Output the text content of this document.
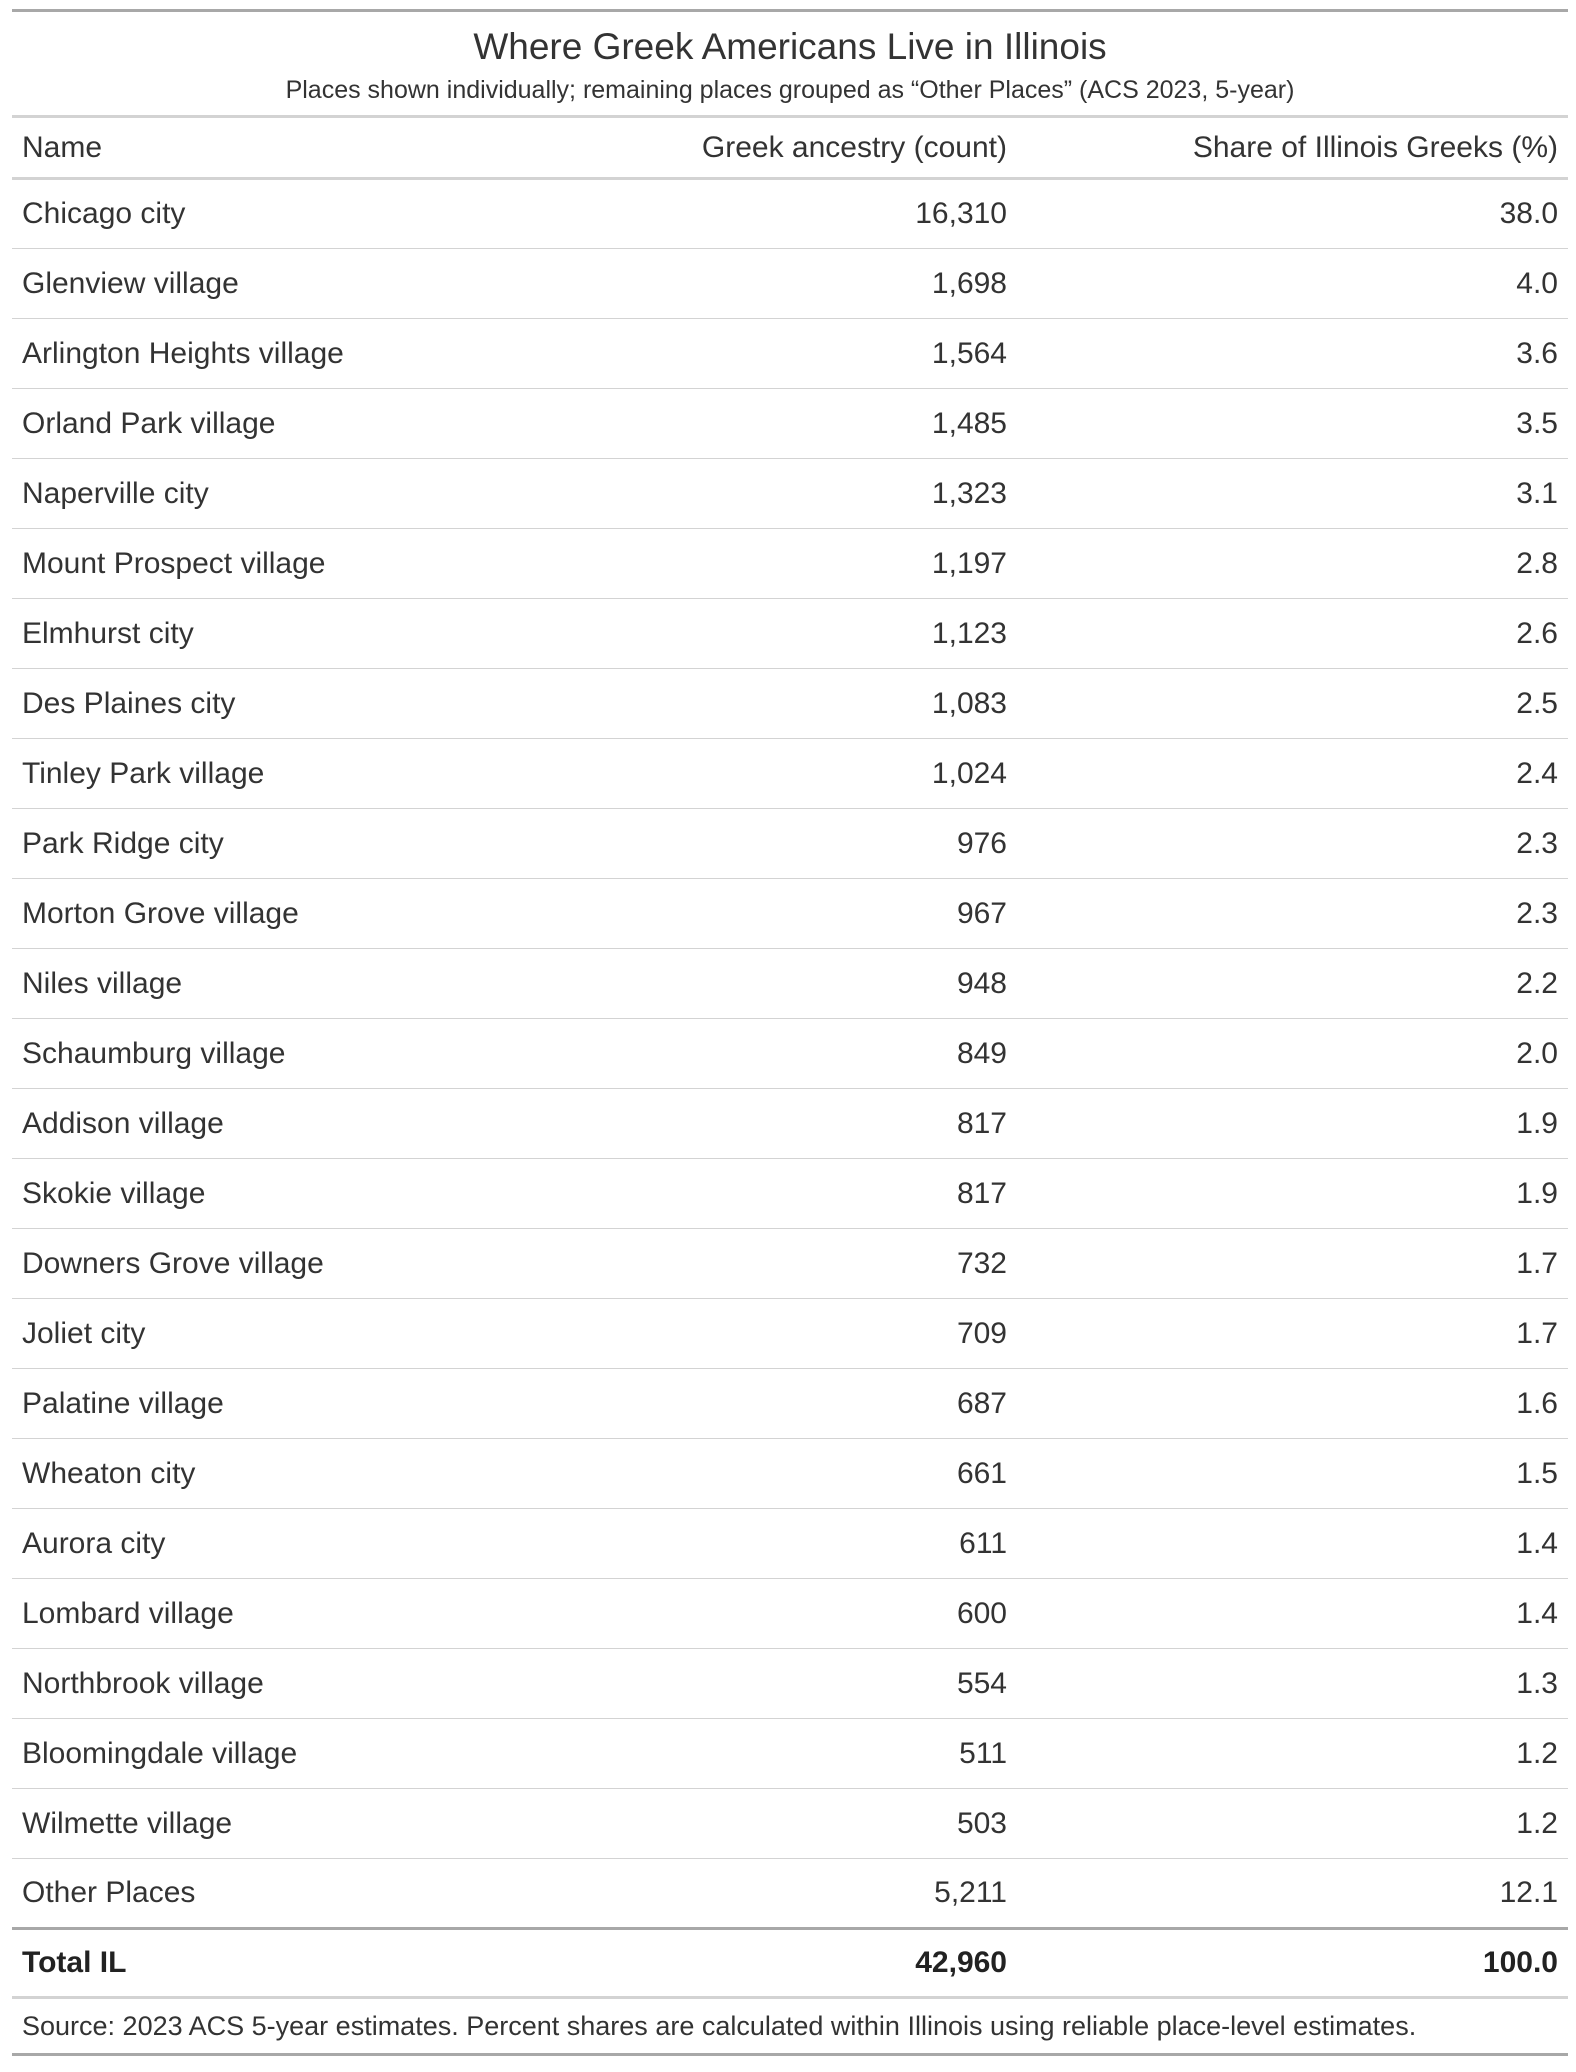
Where Greek Americans Live in Illinois
Places shown individually; remaining places grouped as “Other Places” (ACS 2023, 5-year)
Name	Greek ancestry (count)	Share of Illinois Greeks (%)
Chicago city	16,310	38.0
Glenview village	1,698	4.0
Arlington Heights village	1,564	3.6
Orland Park village	1,485	3.5
Naperville city	1,323	3.1
Mount Prospect village	1,197	2.8
Elmhurst city	1,123	2.6
Des Plaines city	1,083	2.5
Tinley Park village	1,024	2.4
Park Ridge city	976	2.3
Morton Grove village	967	2.3
Niles village	948	2.2
Schaumburg village	849	2.0
Addison village	817	1.9
Skokie village	817	1.9
Downers Grove village	732	1.7
Joliet city	709	1.7
Palatine village	687	1.6
Wheaton city	661	1.5
Aurora city	611	1.4
Lombard village	600	1.4
Northbrook village	554	1.3
Bloomingdale village	511	1.2
Wilmette village	503	1.2
Other Places	5,211	12.1
Total IL	42,960	100.0
Source: 2023 ACS 5-year estimates. Percent shares are calculated within Illinois using reliable place-level estimates.
